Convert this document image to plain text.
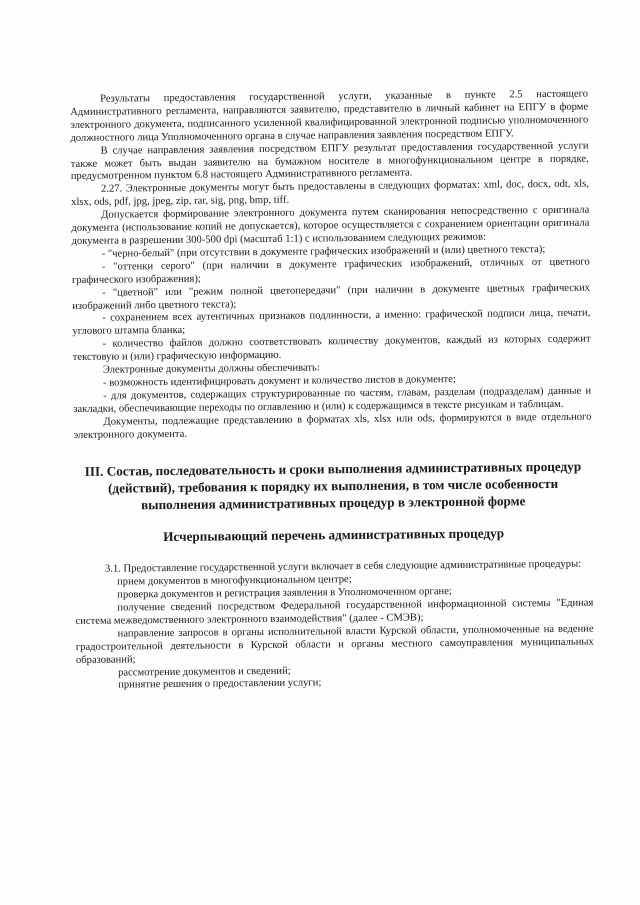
Результаты предоставления государственной услуги, указанные в пункте 2.5 настоящего Административного регламента, направляются заявителю, представителю в личный кабинет на ЕПГУ в форме электронного документа, подписанного усиленной квалифицированной электронной подписью уполномоченного должностного лица Уполномоченного органа в случае направления заявления посредством ЕПГУ.

В случае направления заявления посредством ЕПГУ результат предоставления государственной услуги также может быть выдан заявителю на бумажном носителе в многофункциональном центре в порядке, предусмотренном пунктом 6.8 настоящего Административного регламента.

2.27. Электронные документы могут быть предоставлены в следующих форматах: xml, doc, docx, odt, xls, xlsx, ods, pdf, jpg, jpeg, zip, rar, sig, png, bmp, tiff.

Допускается формирование электронного документа путем сканирования непосредственно с оригинала документа (использование копий не допускается), которое осуществляется с сохранением ориентации оригинала документа в разрешении 300-500 dpi (масштаб 1:1) с использованием следующих режимов:

- "черно-белый" (при отсутствии в документе графических изображений и (или) цветного текста);

- "оттенки серого" (при наличии в документе графических изображений, отличных от цветного графического изображения);

- "цветной" или "режим полной цветопередачи" (при наличии в документе цветных графических изображений либо цветного текста);

- сохранением всех аутентичных признаков подлинности, а именно: графической подписи лица, печати, углового штампа бланка;

- количество файлов должно соответствовать количеству документов, каждый из которых содержит текстовую и (или) графическую информацию.

Электронные документы должны обеспечивать:

- возможность идентифицировать документ и количество листов в документе;

- для документов, содержащих структурированные по частям, главам, разделам (подразделам) данные и закладки, обеспечивающие переходы по оглавлению и (или) к содержащимся в тексте рисункам и таблицам.

Документы, подлежащие представлению в форматах xls, xlsx или ods, формируются в виде отдельного электронного документа.

III. Состав, последовательность и сроки выполнения административных процедур (действий), требования к порядку их выполнения, в том числе особенности выполнения административных процедур в электронной форме
Исчерпывающий перечень административных процедур

3.1. Предоставление государственной услуги включает в себя следующие административные процедуры:

прием документов в многофункциональном центре;

проверка документов и регистрация заявления в Уполномоченном органе;

получение сведений посредством Федеральной государственной информационной системы "Единая система межведомственного электронного взаимодействия" (далее - СМЭВ);

направление запросов в органы исполнительной власти Курской области, уполномоченные на ведение градостроительной деятельности в Курской области и органы местного самоуправления муниципальных образований;

рассмотрение документов и сведений;

принятие решения о предоставлении услуги;
